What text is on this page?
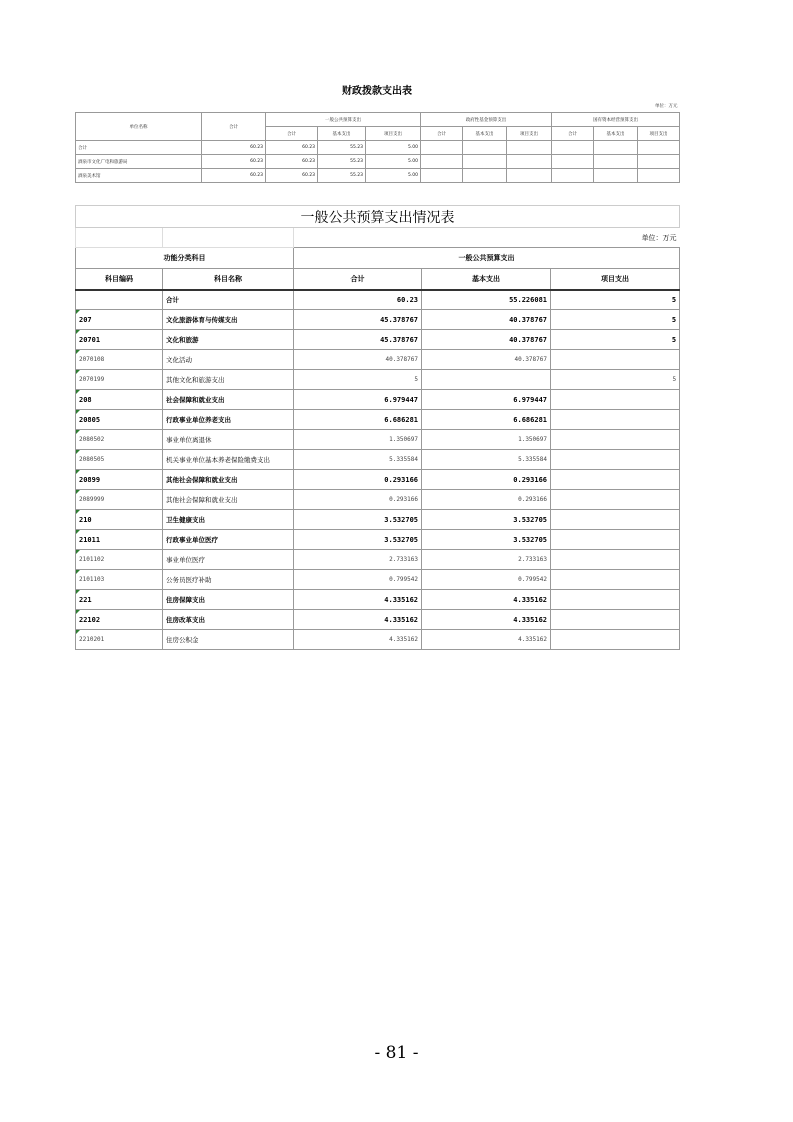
财政拨款支出表
单位：万元										
单位名称	合计	一般公共预算支出			政府性基金预算支出			国有资本经营预算支出		
		合计	基本支出	项目支出	合计	基本支出	项目支出	合计	基本支出	项目支出
合计	60.23	60.23	55.23	5.00						
酒泉市文化广电和旅游局	60.23	60.23	55.23	5.00						
酒泉美术馆	60.23	60.23	55.23	5.00						
一般公共预算支出情况表				
		单位：万元		
功能分类科目		一般公共预算支出		
科目编码	科目名称	合计	基本支出	项目支出
	合计	60.23	55.226081	5

207	文化旅游体育与传媒支出	45.378767	40.378767	5

20701	文化和旅游	45.378767	40.378767	5

2070108	文化活动	40.378767	40.378767	

2070199	其他文化和旅游支出	5		5

208	社会保障和就业支出	6.979447	6.979447	

20805	行政事业单位养老支出	6.686281	6.686281	

2080502	事业单位离退休	1.350697	1.350697	

2080505	机关事业单位基本养老保险缴费支出	5.335584	5.335584	

20899	其他社会保障和就业支出	0.293166	0.293166	

2089999	其他社会保障和就业支出	0.293166	0.293166	

210	卫生健康支出	3.532705	3.532705	

21011	行政事业单位医疗	3.532705	3.532705	

2101102	事业单位医疗	2.733163	2.733163	

2101103	公务员医疗补助	0.799542	0.799542	

221	住房保障支出	4.335162	4.335162	

22102	住房改革支出	4.335162	4.335162	

2210201	住房公积金	4.335162	4.335162	
- 81 -
